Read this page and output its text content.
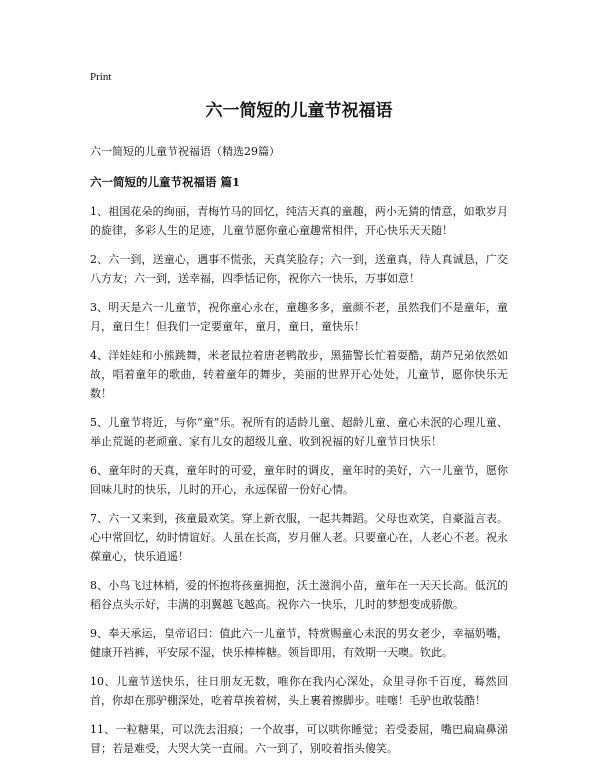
Print
六一简短的儿童节祝福语
六一简短的儿童节祝福语（精选29篇）
六一简短的儿童节祝福语 篇1
1、祖国花朵的绚丽，青梅竹马的回忆，纯洁天真的童趣，两小无猜的情意，如歌岁月的旋律，多彩人生的足迹，儿童节愿你童心童趣常相伴，开心快乐天天随！
2、六一到，送童心，遇事不慌张，天真笑脸存；六一到，送童真，待人真诚恳，广交八方友；六一到，送幸福，四季恬记你，祝你六一快乐，万事如意！
3、明天是六一儿童节，祝你童心永在，童趣多多，童颜不老，虽然我们不是童年，童月，童日生！但我们一定要童年，童月，童日，童快乐！
4、洋娃娃和小熊跳舞，米老鼠拉着唐老鸭散步，黑猫警长忙着耍酷，葫芦兄弟依然如故，唱着童年的歌曲，转着童年的舞步，美丽的世界开心处处，儿童节，愿你快乐无数！
5、儿童节将近，与你“童”乐。祝所有的适龄儿童、超龄儿童、童心未泯的心理儿童、举止荒诞的老顽童、家有儿女的超级儿童、收到祝福的好儿童节日快乐！
6、童年时的天真，童年时的可爱，童年时的调皮，童年时的美好，六一儿童节，愿你回味儿时的快乐，儿时的开心，永远保留一份好心情。
7、六一又来到，孩童最欢笑。穿上新衣服，一起共舞蹈。父母也欢笑，自豪溢言表。心中常回忆，幼时情谊好。人虽在长高，岁月催人老。只要童心在，人老心不老。祝永葆童心，快乐逍遥！
8、小鸟飞过林梢，爱的怀抱将孩童拥抱，沃土滋润小苗，童年在一天天长高。低沉的稻谷点头示好，丰满的羽翼越飞越高。祝你六一快乐，儿时的梦想变成骄傲。
9、奉天承运，皇帝诏曰：值此六一儿童节，特赏赐童心未泯的男女老少，幸福奶嘴，健康开裆裤，平安尿不湿，快乐棒棒糖。领旨即用，有效期一天噢。钦此。
10、儿童节送快乐，往日朋友无数，唯你在我内心深处，众里寻你千百度，蓦然回首，你却在那驴棚深处，吃着草挨着树，头上裹着擦脚步。哇噻！毛驴也敢装酷！
11、一粒糖果，可以洗去泪痕；一个故事，可以哄你睡觉；若受委屈，嘴巴扁扁鼻涕冒；若是难受，大哭大笑一直闹。六一到了，别咬着指头傻笑。
